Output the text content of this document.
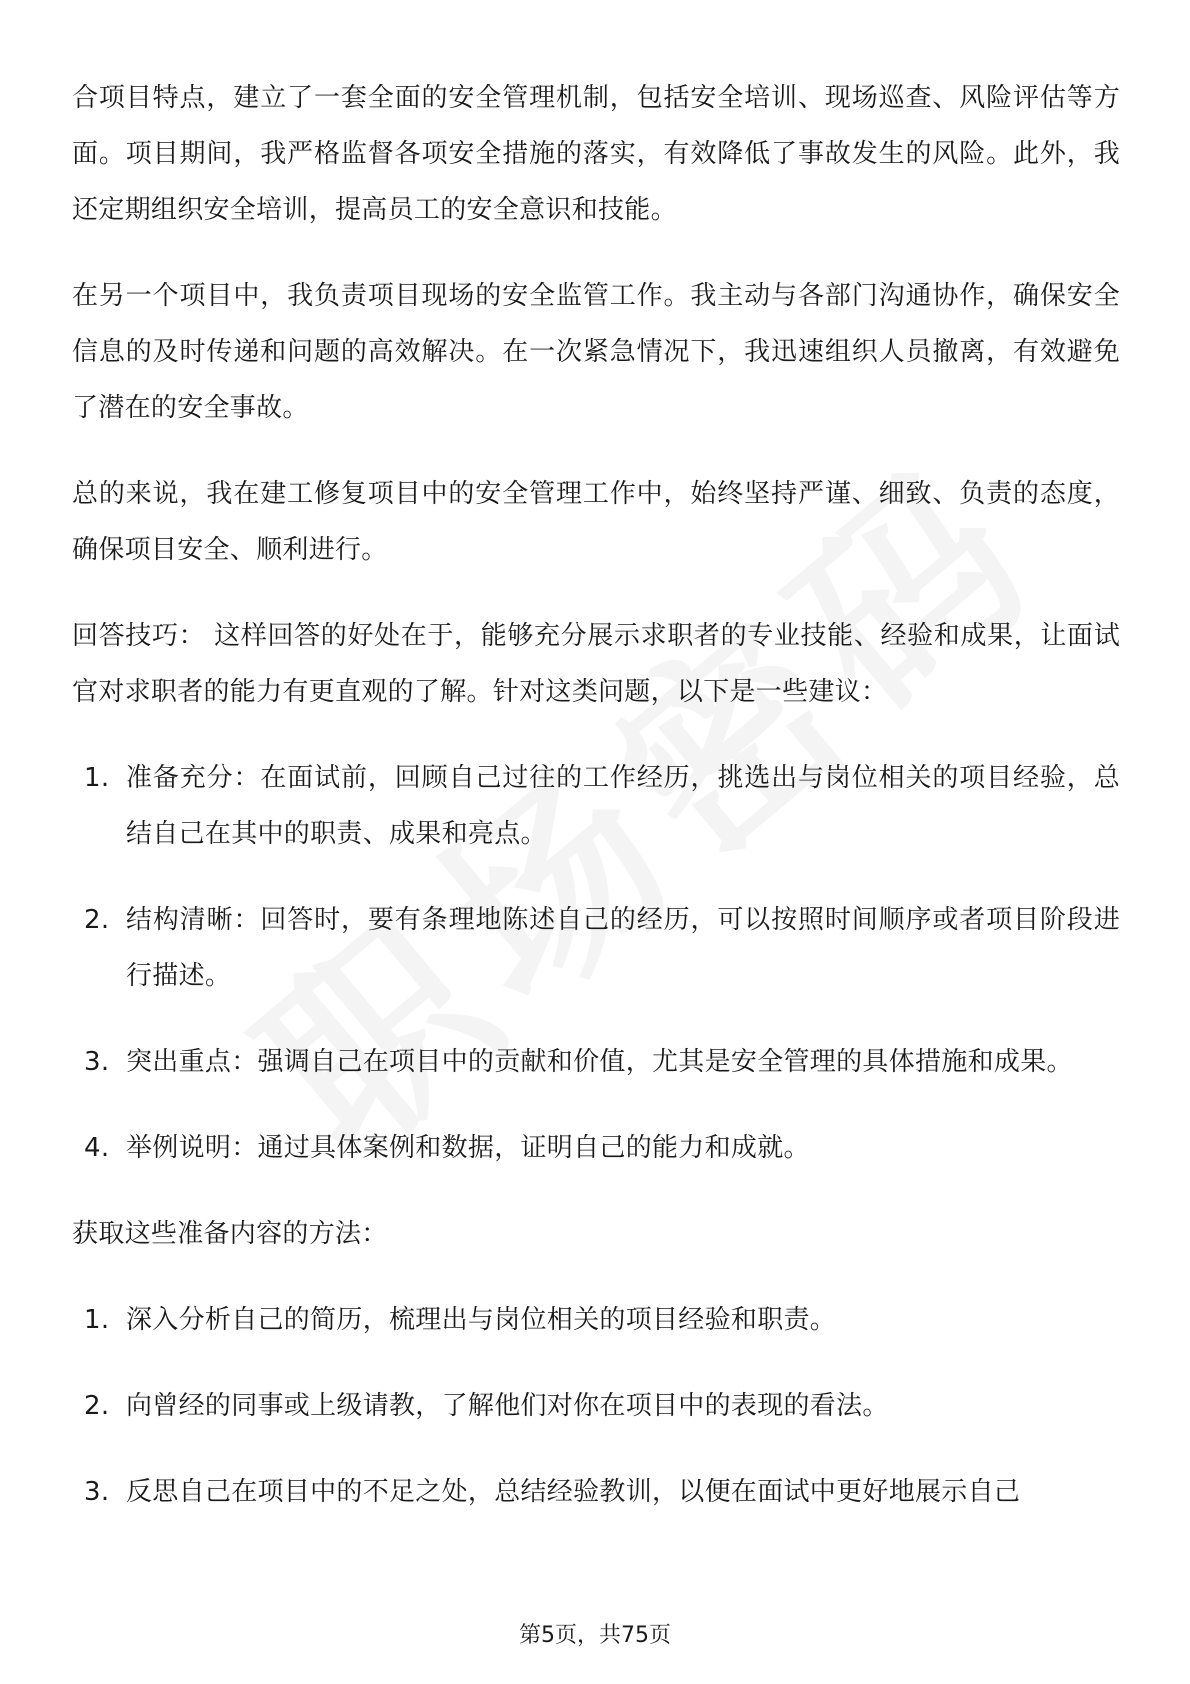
合项目特点，建立了一套全面的安全管理机制，包括安全培训、现场巡查、风险评估等方面。项目期间，我严格监督各项安全措施的落实，有效降低了事故发生的风险。此外，我还定期组织安全培训，提高员工的安全意识和技能。

在另一个项目中，我负责项目现场的安全监管工作。我主动与各部门沟通协作，确保安全信息的及时传递和问题的高效解决。在一次紧急情况下，我迅速组织人员撤离，有效避免了潜在的安全事故。

总的来说，我在建工修复项目中的安全管理工作中，始终坚持严谨、细致、负责的态度，确保项目安全、顺利进行。

回答技巧： 这样回答的好处在于，能够充分展示求职者的专业技能、经验和成果，让面试官对求职者的能力有更直观的了解。针对这类问题，以下是一些建议：

1. 准备充分：在面试前，回顾自己过往的工作经历，挑选出与岗位相关的项目经验，总结自己在其中的职责、成果和亮点。
2. 结构清晰：回答时，要有条理地陈述自己的经历，可以按照时间顺序或者项目阶段进行描述。
3. 突出重点：强调自己在项目中的贡献和价值，尤其是安全管理的具体措施和成果。
4. 举例说明：通过具体案例和数据，证明自己的能力和成就。

获取这些准备内容的方法：

1. 深入分析自己的简历，梳理出与岗位相关的项目经验和职责。
2. 向曾经的同事或上级请教，了解他们对你在项目中的表现的看法。
3. 反思自己在项目中的不足之处，总结经验教训，以便在面试中更好地展示自己
第5页，共75页
